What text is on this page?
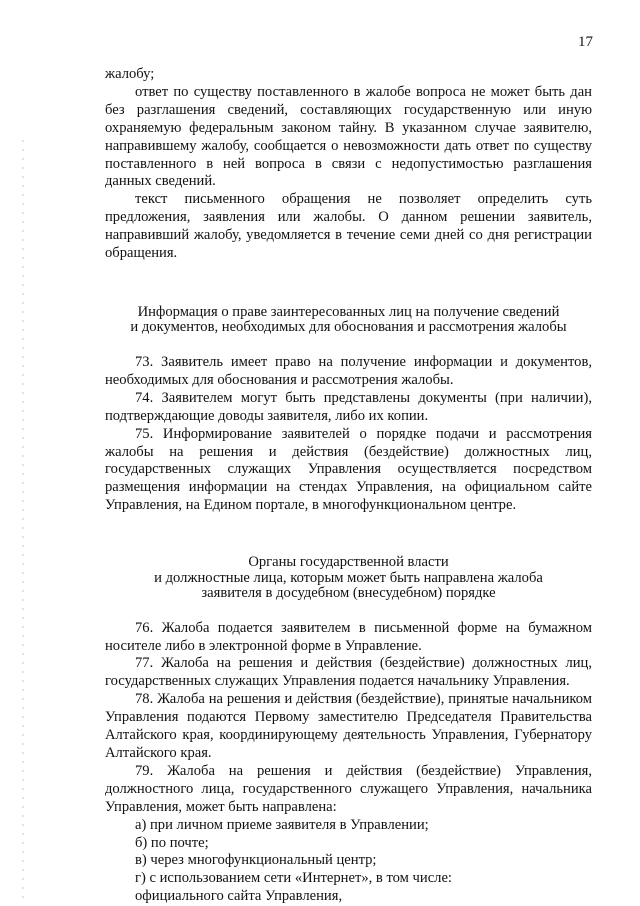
17

жалобу;

ответ по существу поставленного в жалобе вопроса не может быть дан без разглашения сведений, составляющих государственную или иную охраняемую федеральным законом тайну. В указанном случае заявителю, направившему жалобу, сообщается о невозможности дать ответ по существу поставленного в ней вопроса в связи с недопустимостью разглашения данных сведений.

текст письменного обращения не позволяет определить суть предложения, заявления или жалобы. О данном решении заявитель, направивший жалобу, уведомляется в течение семи дней со дня регистрации обращения.

Информация о праве заинтересованных лиц на получение сведений
и документов, необходимых для обоснования и рассмотрения жалобы

73. Заявитель имеет право на получение информации и документов, необходимых для обоснования и рассмотрения жалобы.

74. Заявителем могут быть представлены документы (при наличии), подтверждающие доводы заявителя, либо их копии.

75. Информирование заявителей о порядке подачи и рассмотрения жалобы на решения и действия (бездействие) должностных лиц, государственных служащих Управления осуществляется посредством размещения информации на стендах Управления, на официальном сайте Управления, на Едином портале, в многофункциональном центре.

Органы государственной власти
и должностные лица, которым может быть направлена жалоба
заявителя в досудебном (внесудебном) порядке

76. Жалоба подается заявителем в письменной форме на бумажном носителе либо в электронной форме в Управление.

77. Жалоба на решения и действия (бездействие) должностных лиц, государственных служащих Управления подается начальнику Управления.

78. Жалоба на решения и действия (бездействие), принятые начальником Управления подаются Первому заместителю Председателя Правительства Алтайского края, координирующему деятельность Управления, Губернатору Алтайского края.

79. Жалоба на решения и действия (бездействие) Управления, должностного лица, государственного служащего Управления, начальника Управления, может быть направлена:

а) при личном приеме заявителя в Управлении;

б) по почте;

в) через многофункциональный центр;

г) с использованием сети «Интернет», в том числе:

официального сайта Управления,
